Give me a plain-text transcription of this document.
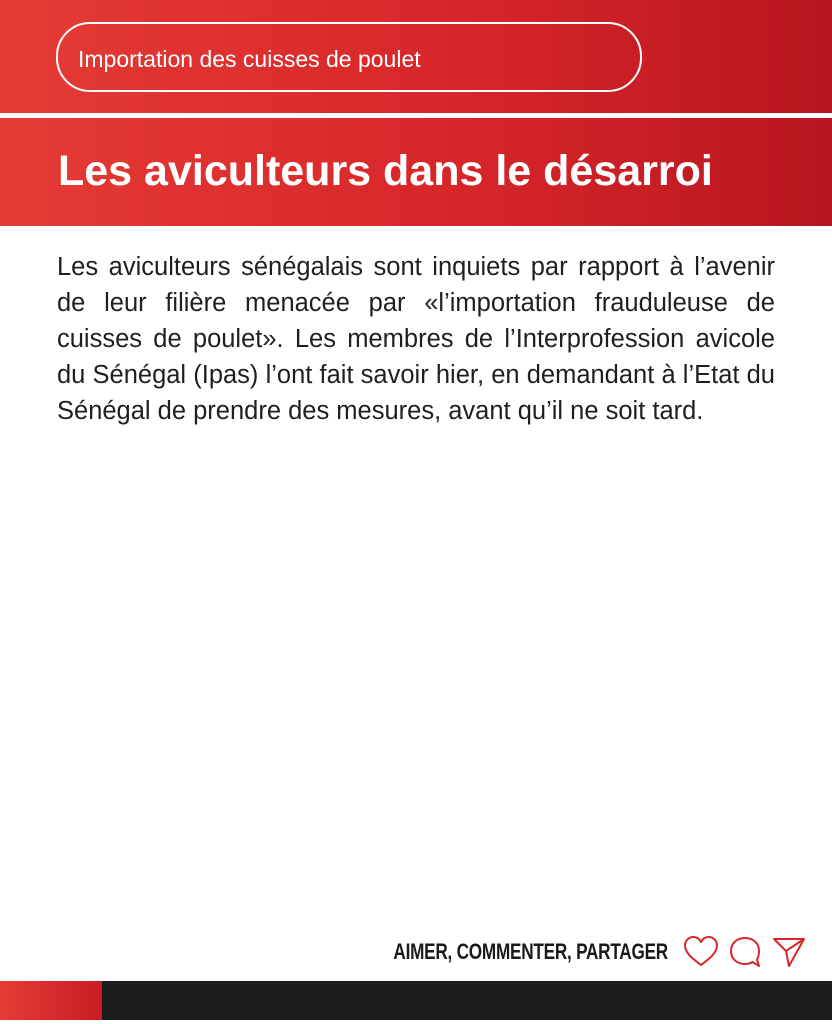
Importation des cuisses de poulet
Les aviculteurs dans le désarroi

Les aviculteurs sénégalais sont inquiets par rapport à l’avenir de leur filière menacée par «l’importation frauduleuse de cuisses de poulet». Les membres de l’Interprofession avicole du Sénégal (Ipas) l’ont fait savoir hier, en demandant à l’Etat du Sénégal de prendre des mesures, avant qu’il ne soit tard.

AIMER, COMMENTER, PARTAGER
